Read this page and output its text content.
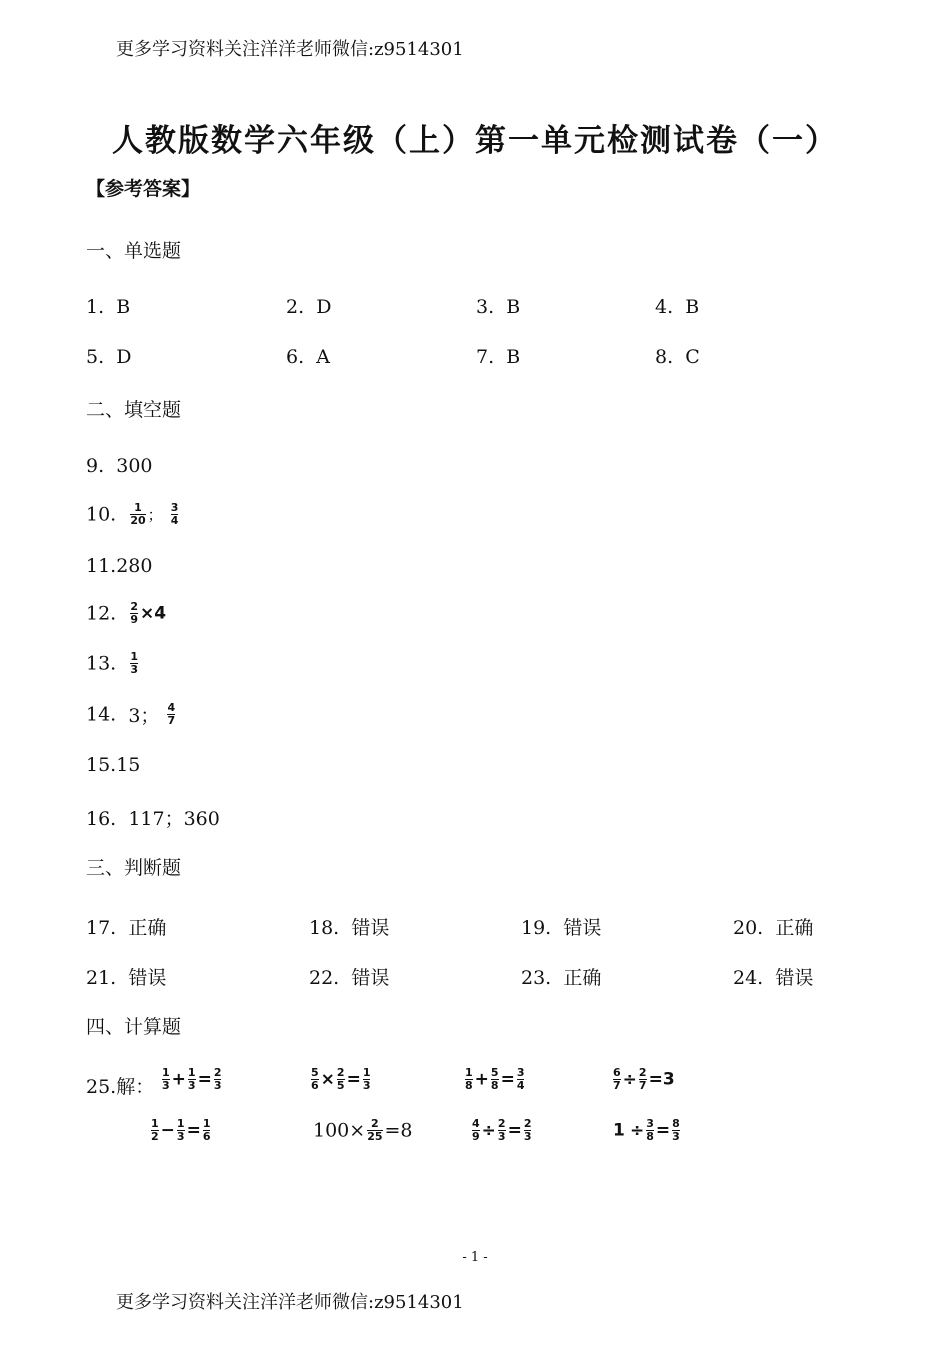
更多学习资料关注洋洋老师微信:z9514301
人教版数学六年级（上）第一单元检测试卷（一）
【参考答案】
一、单选题
1. B	2. D	3. B	4. B
5. D	6. A	7. B	8. C
二、填空题
9. 300
10. $\frac{1}{20}$ ； $\frac{3}{4}$
11.280
12. $\frac{2}{9} \times 4$
13. $\frac{1}{3}$
14. 3； $\frac{4}{7}$
15.15
16. 117；360
三、判断题
17. 正确	18. 错误	19. 错误	20. 正确
21. 错误	22. 错误	23. 正确	24. 错误
四、计算题
25.解： $\frac{1}{3} + \frac{1}{3} = \frac{2}{3}$	$\frac{5}{6} \times \frac{2}{5} = \frac{1}{3}$	$\frac{1}{8} + \frac{5}{8} = \frac{3}{4}$	$\frac{6}{7} \div \frac{2}{7} =3$
$\frac{1}{2} - \frac{1}{3} = \frac{1}{6}$	$100\times \frac{2}{25} =8$	$\frac{4}{9} \div \frac{2}{3} = \frac{2}{3}$	$1 \div \frac{3}{8} = \frac{8}{3}$
- 1 -
更多学习资料关注洋洋老师微信:z9514301
